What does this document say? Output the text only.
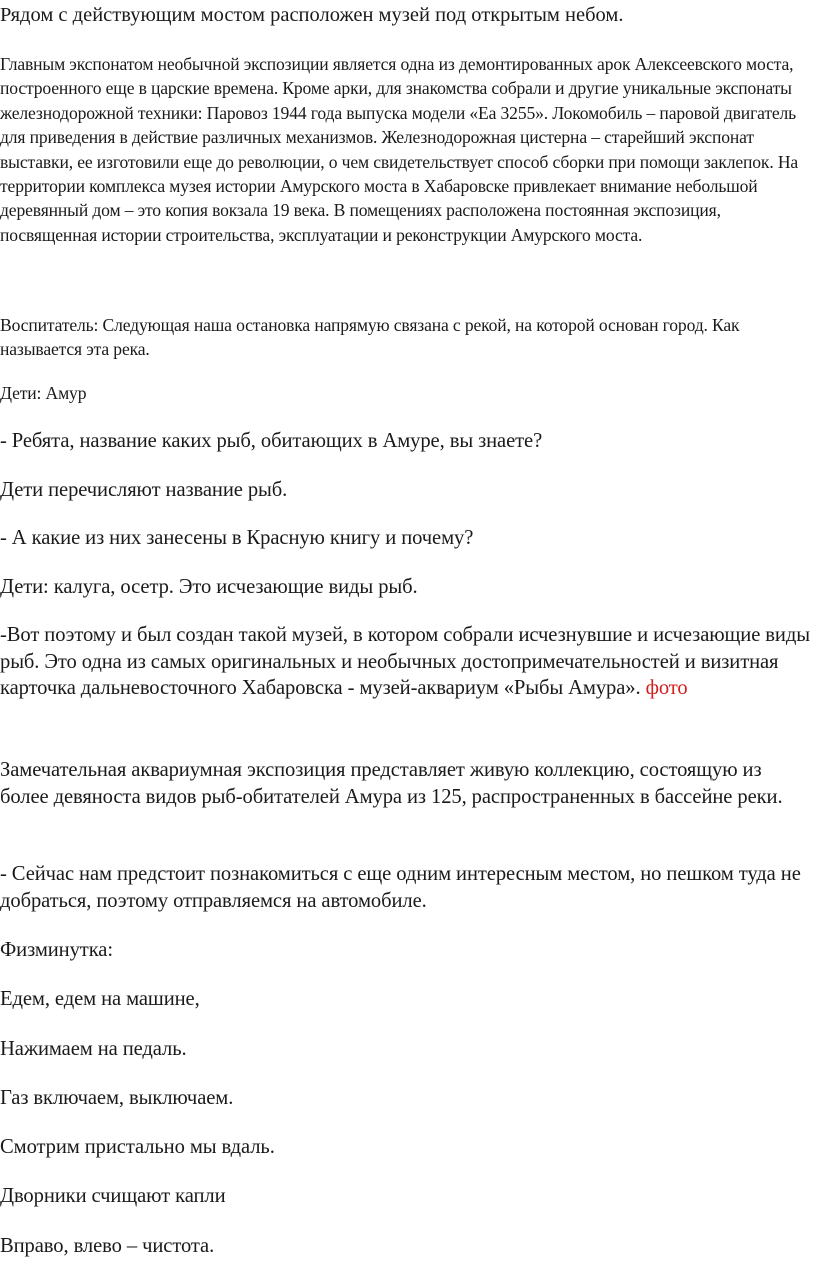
Рядом с действующим мостом расположен музей под открытым небом.

Главным экспонатом необычной экспозиции является одна из демонтированных арок Алексеевского моста, построенного еще в царские времена. Кроме арки, для знакомства собрали и другие уникальные экспонаты железнодорожной техники: Паровоз 1944 года выпуска модели «Еа 3255». Локомобиль – паровой двигатель для приведения в действие различных механизмов. Железнодорожная цистерна – старейший экспонат выставки, ее изготовили еще до революции, о чем свидетельствует способ сборки при помощи заклепок. На территории комплекса музея истории Амурского моста в Хабаровске привлекает внимание небольшой деревянный дом – это копия вокзала 19 века. В помещениях расположена постоянная экспозиция, посвященная истории строительства, эксплуатации и реконструкции Амурского моста.

Воспитатель: Следующая наша остановка напрямую связана с рекой, на которой основан город. Как называется эта река.

Дети: Амур

- Ребята, название каких рыб, обитающих в Амуре, вы знаете?

Дети перечисляют название рыб.

- А какие из них занесены в Красную книгу и почему?

Дети: калуга, осетр. Это исчезающие виды рыб.

-Вот поэтому и был создан такой музей, в котором собрали исчезнувшие и исчезающие виды рыб. Это одна из самых оригинальных и необычных достопримечательностей и визитная карточка дальневосточного Хабаровска - музей-аквариум «Рыбы Амура». фото

Замечательная аквариумная экспозиция представляет живую коллекцию, состоящую из более девяноста видов рыб-обитателей Амура из 125, распространенных в бассейне реки.

- Сейчас нам предстоит познакомиться с еще одним интересным местом, но пешком туда не добраться, поэтому отправляемся на автомобиле.

Физминутка:

Едем, едем на машине,

Нажимаем на педаль.

Газ включаем, выключаем.

Смотрим пристально мы вдаль.

Дворники счищают капли

Вправо, влево – чистота.
